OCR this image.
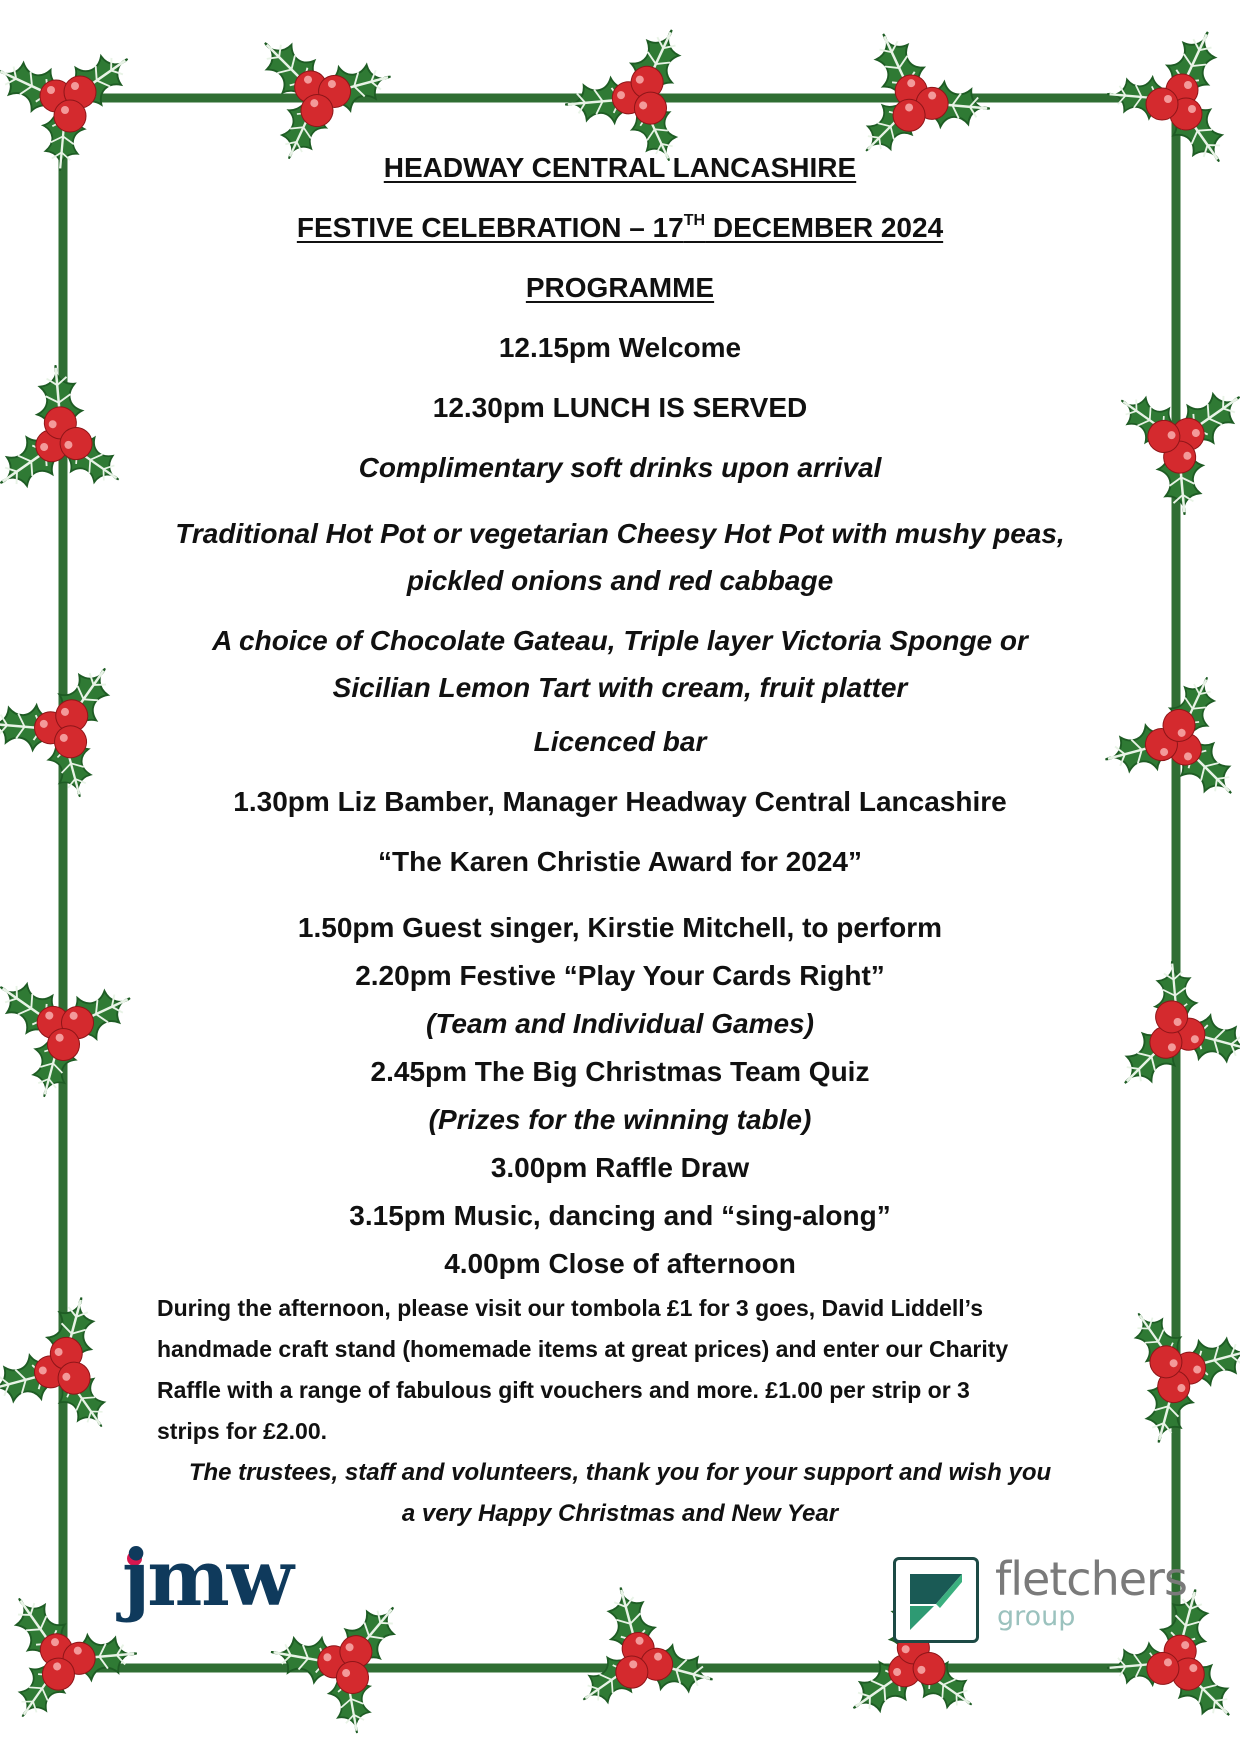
HEADWAY CENTRAL LANCASHIRE

FESTIVE CELEBRATION – 17TH DECEMBER 2024

PROGRAMME

12.15pm Welcome

12.30pm LUNCH IS SERVED

Complimentary soft drinks upon arrival

Traditional Hot Pot or vegetarian Cheesy Hot Pot with mushy peas,

pickled onions and red cabbage

A choice of Chocolate Gateau, Triple layer Victoria Sponge or

Sicilian Lemon Tart with cream, fruit platter

Licenced bar

1.30pm Liz Bamber, Manager Headway Central Lancashire

“The Karen Christie Award for 2024”

1.50pm Guest singer, Kirstie Mitchell, to perform

2.20pm Festive “Play Your Cards Right”

(Team and Individual Games)

2.45pm The Big Christmas Team Quiz

(Prizes for the winning table)

3.00pm Raffle Draw

3.15pm Music, dancing and “sing-along”

4.00pm Close of afternoon

During the afternoon, please visit our tombola £1 for 3 goes, David Liddell’s

handmade craft stand (homemade items at great prices) and enter our Charity

Raffle with a range of fabulous gift vouchers and more. £1.00 per strip or 3

strips for £2.00.

The trustees, staff and volunteers, thank you for your support and wish you

a very Happy Christmas and New Year

jmw	fletchers
group
